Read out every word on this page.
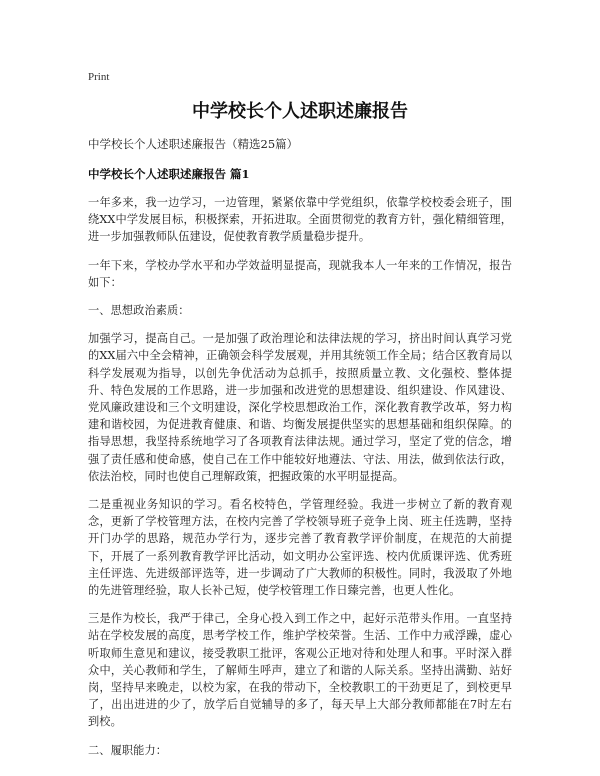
Print
中学校长个人述职述廉报告
中学校长个人述职述廉报告（精选25篇）
中学校长个人述职述廉报告 篇1

一年多来，我一边学习，一边管理，紧紧依靠中学党组织，依靠学校校委会班子，围绕XX中学发展目标，积极探索，开拓进取。全面贯彻党的教育方针，强化精细管理，进一步加强教师队伍建设，促使教育教学质量稳步提升。

一年下来，学校办学水平和办学效益明显提高，现就我本人一年来的工作情况，报告如下：

一、思想政治素质：

加强学习，提高自己。一是加强了政治理论和法律法规的学习，挤出时间认真学习党的XX届六中全会精神，正确领会科学发展观，并用其统领工作全局；结合区教育局以科学发展观为指导，以创先争优活动为总抓手，按照质量立教、文化强校、整体提升、特色发展的工作思路，进一步加强和改进党的思想建设、组织建设、作风建设、党风廉政建设和三个文明建设，深化学校思想政治工作，深化教育教学改革，努力构建和谐校园，为促进教育健康、和谐、均衡发展提供坚实的思想基础和组织保障。的指导思想，我坚持系统地学习了各项教育法律法规。通过学习，坚定了党的信念，增强了责任感和使命感，使自己在工作中能较好地遵法、守法、用法，做到依法行政，依法治校，同时也使自己理解政策，把握政策的水平明显提高。

二是重视业务知识的学习。看名校特色，学管理经验。我进一步树立了新的教育观念，更新了学校管理方法，在校内完善了学校领导班子竞争上岗、班主任选聘，坚持开门办学的思路，规范办学行为，逐步完善了教育教学评价制度，在规范的大前提下，开展了一系列教育教学评比活动，如文明办公室评选、校内优质课评选、优秀班主任评选、先进级部评选等，进一步调动了广大教师的积极性。同时，我汲取了外地的先进管理经验，取人长补己短，使学校管理工作日臻完善，也更人性化。

三是作为校长，我严于律己，全身心投入到工作之中，起好示范带头作用。一直坚持站在学校发展的高度，思考学校工作，维护学校荣誉。生活、工作中力戒浮躁，虚心听取师生意见和建议，接受教职工批评，客观公正地对待和处理人和事。平时深入群众中，关心教师和学生，了解师生呼声，建立了和谐的人际关系。坚持出满勤、站好岗，坚持早来晚走，以校为家，在我的带动下，全校教职工的干劲更足了，到校更早了，出出进进的少了，放学后自觉辅导的多了，每天早上大部分教师都能在7时左右到校。

二、履职能力：
